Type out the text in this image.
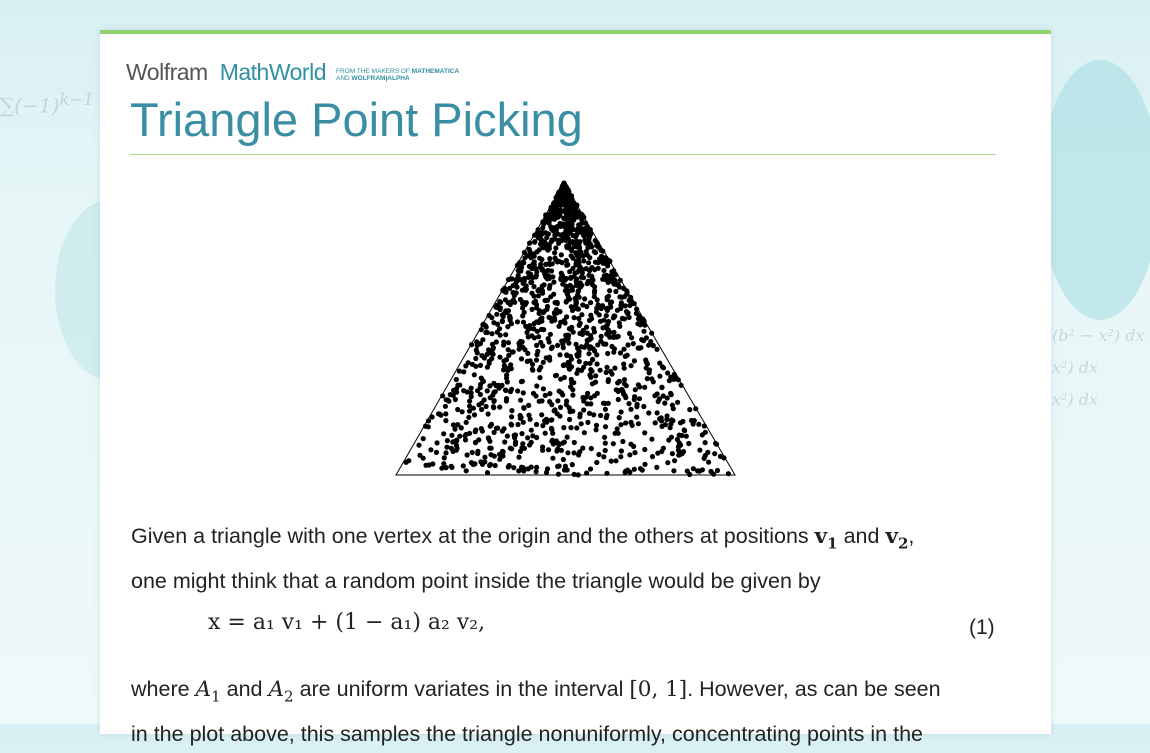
$\sum(-1)^{k-1}$
(b² − x²) dx
x²) dx
x²) dx
Wolfram MathWorld FROM THE MAKERS OF MATHEMATICA
AND WOLFRAM|ALPHA
Triangle Point Picking
Given a triangle with one vertex at the origin and the others at positions $v_1$ and $v_2$,
one might think that a random point inside the triangle would be given by
x = a₁ v₁ + (1 − a₁) a₂ v₂,	(1)
where $A_1$ and $A_2$ are uniform variates in the interval [0, 1]. However, as can be seen
in the plot above, this samples the triangle nonuniformly, concentrating points in the
